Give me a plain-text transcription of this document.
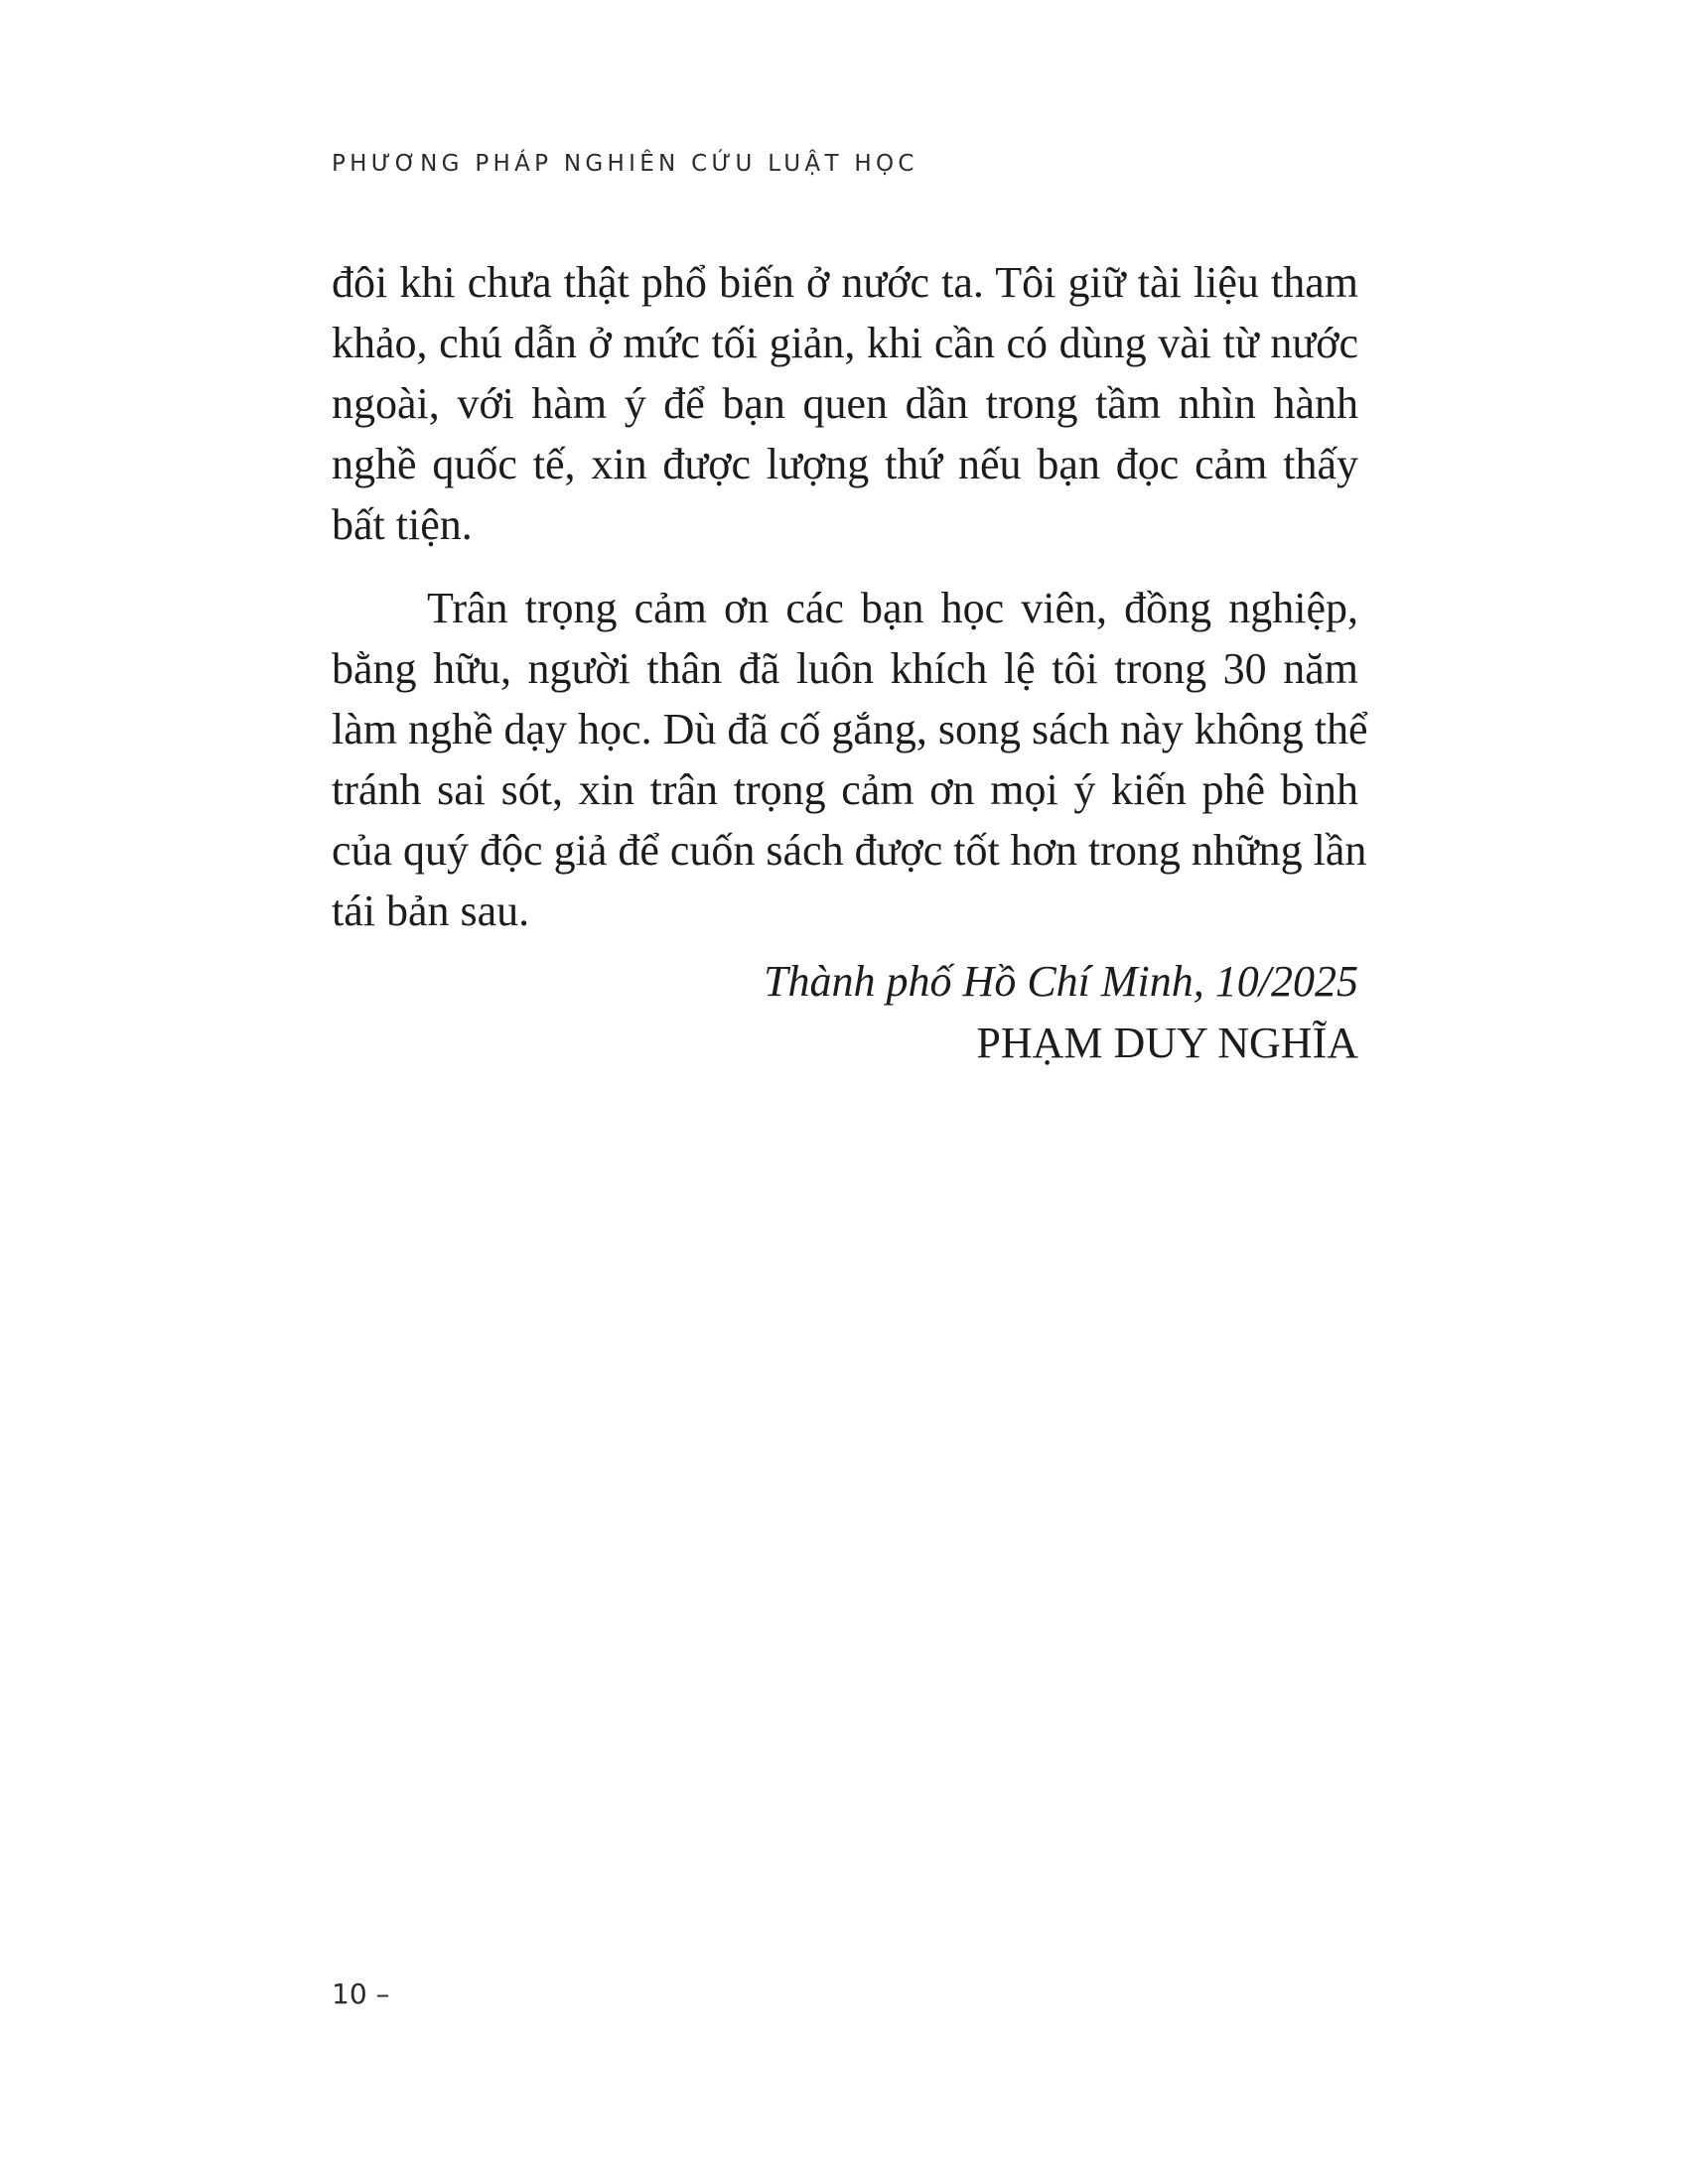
PHƯƠNG PHÁP NGHIÊN CỨU LUẬT HỌC

đôi khi chưa thật phổ biến ở nước ta. Tôi giữ tài liệu tham
khảo, chú dẫn ở mức tối giản, khi cần có dùng vài từ nước
ngoài, với hàm ý để bạn quen dần trong tầm nhìn hành
nghề quốc tế, xin được lượng thứ nếu bạn đọc cảm thấy
bất tiện.

Trân trọng cảm ơn các bạn học viên, đồng nghiệp,
bằng hữu, người thân đã luôn khích lệ tôi trong 30 năm
làm nghề dạy học. Dù đã cố gắng, song sách này không thể
tránh sai sót, xin trân trọng cảm ơn mọi ý kiến phê bình
của quý độc giả để cuốn sách được tốt hơn trong những lần
tái bản sau.

Thành phố Hồ Chí Minh, 10/2025
PHẠM DUY NGHĨA
10 –
